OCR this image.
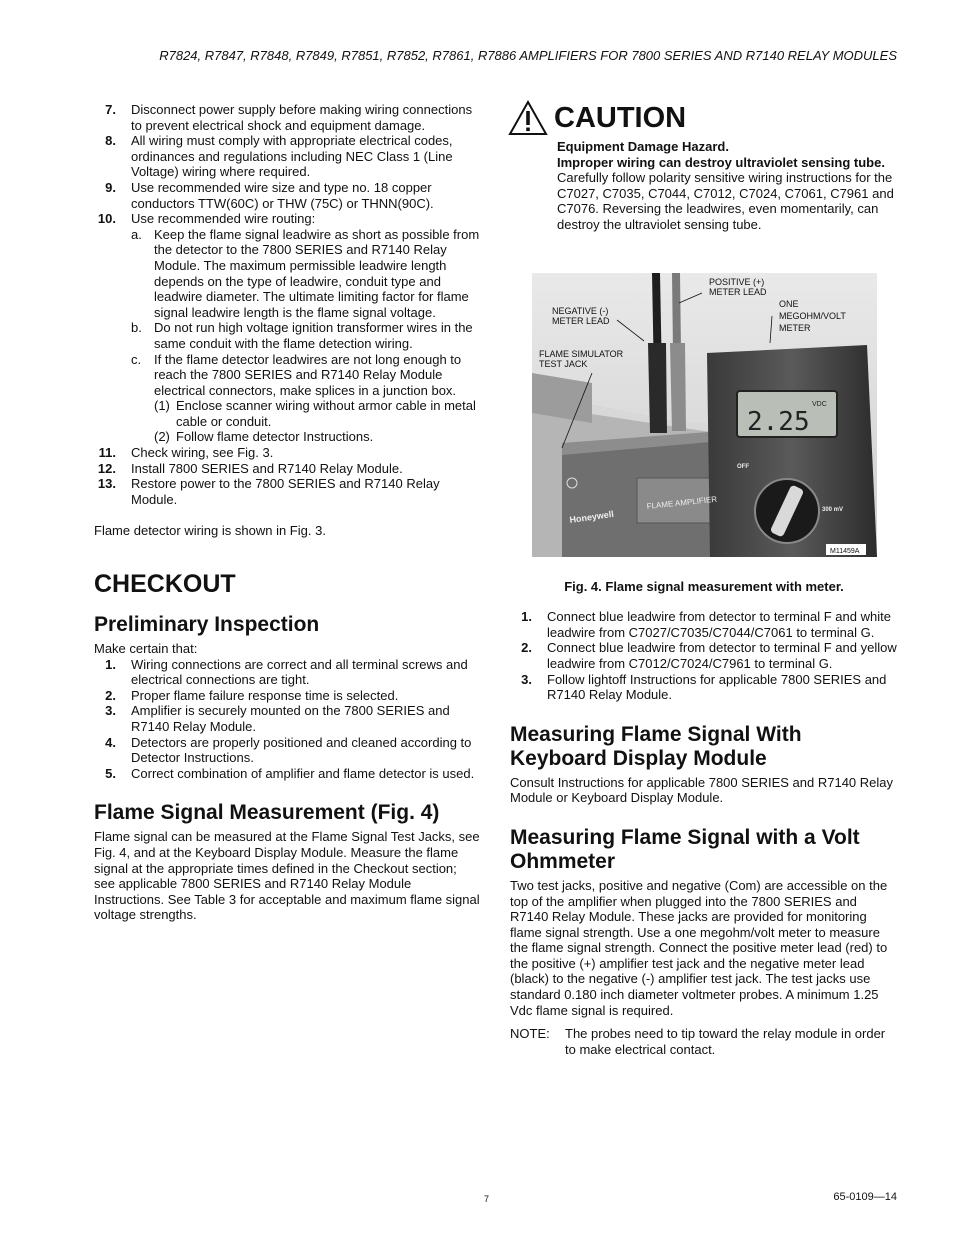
R7824, R7847, R7848, R7849, R7851, R7852, R7861, R7886 AMPLIFIERS FOR 7800 SERIES AND R7140 RELAY MODULES
7. Disconnect power supply before making wiring connections to prevent electrical shock and equipment damage.
8. All wiring must comply with appropriate electrical codes, ordinances and regulations including NEC Class 1 (Line Voltage) wiring where required.
9. Use recommended wire size and type no. 18 copper conductors TTW(60C) or THW (75C) or THNN(90C).
10. Use recommended wire routing:
a. Keep the flame signal leadwire as short as possible from the detector to the 7800 SERIES and R7140 Relay Module. The maximum permissible leadwire length depends on the type of leadwire, conduit type and leadwire diameter. The ultimate limiting factor for flame signal leadwire length is the flame signal voltage.
b. Do not run high voltage ignition transformer wires in the same conduit with the flame detection wiring.
c. If the flame detector leadwires are not long enough to reach the 7800 SERIES and R7140 Relay Module electrical connectors, make splices in a junction box.
(1) Enclose scanner wiring without armor cable in metal cable or conduit.
(2) Follow flame detector Instructions.
11. Check wiring, see Fig. 3.
12. Install 7800 SERIES and R7140 Relay Module.
13. Restore power to the 7800 SERIES and R7140 Relay Module.

Flame detector wiring is shown in Fig. 3.

CHECKOUT
Preliminary Inspection

Make certain that:

1. Wiring connections are correct and all terminal screws and electrical connections are tight.
2. Proper flame failure response time is selected.
3. Amplifier is securely mounted on the 7800 SERIES and R7140 Relay Module.
4. Detectors are properly positioned and cleaned according to Detector Instructions.
5. Correct combination of amplifier and flame detector is used.
Flame Signal Measurement (Fig. 4)

Flame signal can be measured at the Flame Signal Test Jacks, see Fig. 4, and at the Keyboard Display Module. Measure the flame signal at the appropriate times defined in the Checkout section; see applicable 7800 SERIES and R7140 Relay Module Instructions. See Table 3 for acceptable and maximum flame signal voltage strengths.

CAUTION

Equipment Damage Hazard.

Improper wiring can destroy ultraviolet sensing tube.

Carefully follow polarity sensitive wiring instructions for the C7027, C7035, C7044, C7012, C7024, C7061, C7961 and C7076. Reversing the leadwires, even momentarily, can destroy the ultraviolet sensing tube.

2.25
VDC
OFF
300 mV
Honeywell
FLAME AMPLIFIER
M11459A
POSITIVE (+) METER LEAD
NEGATIVE (-) METER LEAD
ONE MEGOHM/VOLT METER
FLAME SIMULATOR TEST JACK

Fig. 4. Flame signal measurement with meter.

1. Connect blue leadwire from detector to terminal F and white leadwire from C7027/C7035/C7044/C7061 to terminal G.
2. Connect blue leadwire from detector to terminal F and yellow leadwire from C7012/C7024/C7961 to terminal G.
3. Follow lightoff Instructions for applicable 7800 SERIES and R7140 Relay Module.
Measuring Flame Signal With Keyboard Display Module

Consult Instructions for applicable 7800 SERIES and R7140 Relay Module or Keyboard Display Module.

Measuring Flame Signal with a Volt Ohmmeter

Two test jacks, positive and negative (Com) are accessible on the top of the amplifier when plugged into the 7800 SERIES and R7140 Relay Module. These jacks are provided for monitoring flame signal strength. Use a one megohm/volt meter to measure the flame signal strength. Connect the positive meter lead (red) to the positive (+) amplifier test jack and the negative meter lead (black) to the negative (-) amplifier test jack. The test jacks use standard 0.180 inch diameter voltmeter probes. A minimum 1.25 Vdc flame signal is required.

NOTE: The probes need to tip toward the relay module in order to make electrical contact.
7	65-0109—14
